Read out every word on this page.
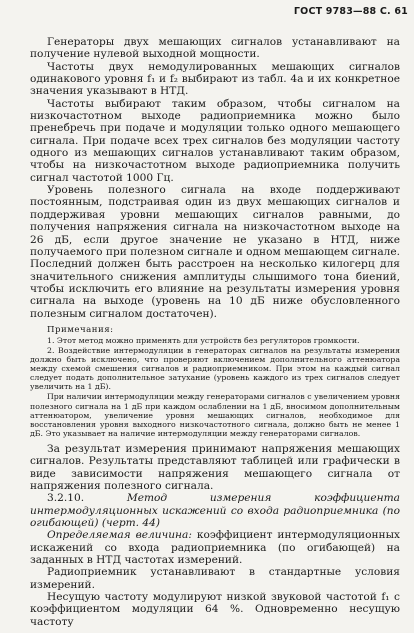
ГОСТ 9783—88 С. 61

Генераторы двух мешающих сигналов устанавливают на получение нулевой выходной мощности.

Частоты двух немодулированных мешающих сигналов одинакового уровня f₁ и f₂ выбирают из табл. 4а и их конкретное значения указывают в НТД.

Частоты выбирают таким образом, чтобы сигналом на низкочастотном выходе радиоприемника можно было пренебречь при подаче и модуляции только одного мешающего сигнала. При подаче всех трех сигналов без модуляции частоту одного из мешающих сигналов устанавливают таким образом, чтобы на низкочастотном выходе радиоприемника получить сигнал частотой 1000 Гц.

Уровень полезного сигнала на входе поддерживают постоянным, подстраивая один из двух мешающих сигналов и поддерживая уровни мешающих сигналов равными, до получения напряжения сигнала на низкочастотном выходе на 26 дБ, если другое значение не указано в НТД, ниже получаемого при полезном сигнале и одном мешающем сигнале. Последний должен быть расстроен на несколько килогерц для значительного снижения амплитуды слышимого тона биений, чтобы исключить его влияние на результаты измерения уровня сигнала на выходе (уровень на 10 дБ ниже обусловленного полезным сигналом достаточен).

Примечания:

1. Этот метод можно применять для устройств без регуляторов громкости.

2. Воздействие интермодуляции в генераторах сигналов на результаты измерения должно быть исключено, что проверяют включением дополнительного аттенюатора между схемой смешения сигналов и радиоприемником. При этом на каждый сигнал следует подать дополнительное затухание (уровень каждого из трех сигналов следует увеличить на 1 дБ).

При наличии интермодуляции между генераторами сигналов с увеличением уровня полезного сигнала на 1 дБ при каждом ослаблении на 1 дБ, вносимом дополнительным аттенюатором, увеличение уровня мешающих сигналов, необходимое для восстановления уровня выходного низкочастотного сигнала, должно быть не менее 1 дБ. Это указывает на наличие интермодуляции между генераторами сигналов.

За результат измерения принимают напряжения мешающих сигналов. Результаты представляют таблицей или графически в виде зависимости напряжения мешающего сигнала от напряжения полезного сигнала.

3.2.10.	Метод измерения коэффициента интермодуляционных искажений со входа радиоприемника (по огибающей) (черт. 44)

Определяемая величина: коэффициент интермодуляционных искажений со входа радиоприемника (по огибающей) на заданных в НТД частотах измерений.

Радиоприемник устанавливают в стандартные условия измерений.

Несущую частоту модулируют низкой звуковой частотой f₁ с коэффициентом модуляции 64 %. Одновременно несущую частоту
